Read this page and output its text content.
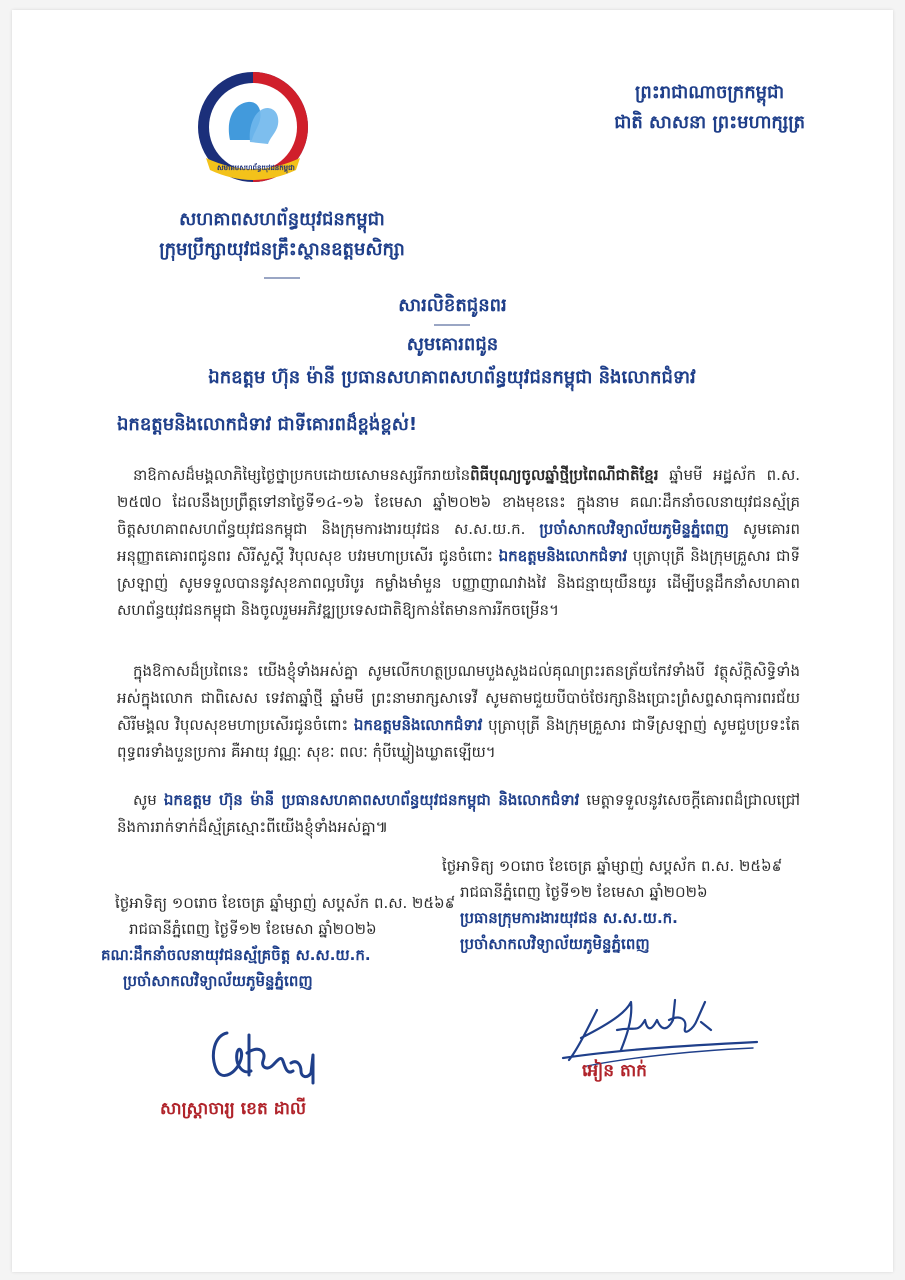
សមាគមសហព័ន្ធយុវជនកម្ពុជា
ព្រះរាជាណាចក្រកម្ពុជា
ជាតិ សាសនា ព្រះមហាក្សត្រ
សហគាពសហព័ន្ធយុវជនកម្ពុជា
ក្រុមប្រឹក្សាយុវជនគ្រឹះស្ថានឧត្តមសិក្សា
សារលិខិតជូនពរ
សូមគោរពជូន
ឯកឧត្តម ហ៊ុន ម៉ានី ប្រធានសហគាពសហព័ន្ធយុវជនកម្ពុជា និងលោកជំទាវ
ឯកឧត្តមនិងលោកជំទាវ ជាទីគោរពដ៏ខ្ពង់ខ្ពស់!
នាឱកាសដ៏មង្គលាភិម្សៃថ្ងៃថ្នាប្រកបដោយសោមនស្សរីករាយនៃពិធីបុណ្យចូលឆ្នាំថ្មីប្រពៃណីជាតិខ្មែរ ឆ្នាំមមី អដ្ឋស័ក ព.ស. ២៥៧០ ដែលនឹងប្រព្រឹត្តទៅនាថ្ងៃទី១៤-១៦ ខែមេសា ឆ្នាំ២០២៦ ខាងមុខនេះ ក្នុងនាម គណៈដឹកនាំចលនាយុវជនស្ម័គ្រចិត្តសហគាពសហព័ន្ធយុវជនកម្ពុជា និងក្រុមការងារយុវជន ស.ស.យ.ក. ប្រចាំសាកលវិទ្យាល័យភូមិន្ទភ្នំពេញ សូមគោរពអនុញ្ញាតគោរពជូនពរ សិរីសួស្តី វិបុលសុខ បវរមហាប្រសើរ ជូនចំពោះ ឯកឧត្តមនិងលោកជំទាវ បុត្រាបុត្រី និងក្រុមគ្រួសារ ជាទីស្រឡាញ់ សូមទទួលបាននូវសុខភាពល្អបរិបូរ កម្លាំងមាំមួន បញ្ញាញាណវាងវៃ និងជន្មាយុយឺនយូរ ដើម្បីបន្តដឹកនាំសហគាពសហព័ន្ធយុវជនកម្ពុជា និងចូលរួមអភិវឌ្ឍប្រទេសជាតិឱ្យកាន់តែមានការរីកចម្រើន។
ក្នុងឱកាសដ៏ប្រពៃនេះ យើងខ្ញុំទាំងអស់គ្នា សូមលើកហត្ថប្រណមបួងសួងដល់គុណព្រះរតនត្រ័យកែវទាំងបី វត្ថុស័ក្តិសិទ្ធិទាំងអស់ក្នុងលោក ជាពិសេស ទេវតាឆ្នាំថ្មី ឆ្នាំមមី ព្រះនាមរាក្សសាទេវី សូមតាមជួយបីបាច់ថែរក្សានិងប្រោះព្រំសព្ទសាធុការពរជ័យសិរីមង្គល វិបុលសុខមហាប្រសើរជូនចំពោះ ឯកឧត្តមនិងលោកជំទាវ បុត្រាបុត្រី និងក្រុមគ្រួសារ ជាទីស្រឡាញ់ សូមជួបប្រទះតែ ពុទ្ធពរទាំងបួនប្រការ គឺអាយុ វណ្ណៈ សុខៈ ពលៈ កុំបីឃ្លៀងឃ្លាតឡើយ។
សូម ឯកឧត្តម ហ៊ុន ម៉ានី ប្រធានសហគាពសហព័ន្ធយុវជនកម្ពុជា និងលោកជំទាវ មេត្តាទទួលនូវសេចក្តីគោរពដ៏ជ្រាលជ្រៅនិងការរាក់ទាក់ដ៏ស្ម័គ្រស្មោះពីយើងខ្ញុំទាំងអស់គ្នា៕
ថ្ងៃអាទិត្យ ១០រោច ខែចេត្រ ឆ្នាំម្សាញ់ សប្តស័ក ព.ស. ២៥៦៩
រាជធានីភ្នំពេញ ថ្ងៃទី១២ ខែមេសា ឆ្នាំ២០២៦
ប្រធានក្រុមការងារយុវជន ស.ស.យ.ក.
ប្រចាំសាកលវិទ្យាល័យភូមិន្ទភ្នំពេញ
ថ្ងៃអាទិត្យ ១០រោច ខែចេត្រ ឆ្នាំម្សាញ់ សប្តស័ក ព.ស. ២៥៦៩
រាជធានីភ្នំពេញ ថ្ងៃទី១២ ខែមេសា ឆ្នាំ២០២៦
គណៈដឹកនាំចលនាយុវជនស្ម័គ្រចិត្ត ស.ស.យ.ក.
ប្រចាំសាកលវិទ្យាល័យភូមិន្ទភ្នំពេញ
សាស្ត្រាចារ្យ ខេត ដាលី
អៀន តាក់
